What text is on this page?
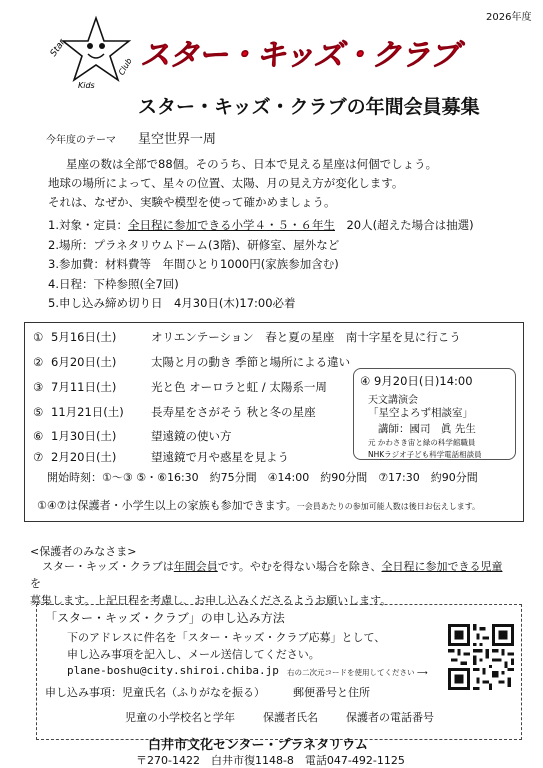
2026年度
Star
Kids
Club スター・キッズ・クラブ
スター・キッズ・クラブの年間会員募集
今年度のテーマ 星空世界一周
星座の数は全部で88個。そのうち、日本で見える星座は何個でしょう。
地球の場所によって、星々の位置、太陽、月の見え方が変化します。
それは、なぜか、実験や模型を使って確かめましょう。
1.対象・定員：全日程に参加できる小学４・５・６年生　20人(超えた場合は抽選)
2.場所：プラネタリウムドーム(3階)、研修室、屋外など
3.参加費：材料費等　年間ひとり1000円(家族参加含む)
4.日程：下枠参照(全7回)
5.申し込み締め切り日　4月30日(木)17:00必着
① 5月16日(土)	オリエンテーション　春と夏の星座　南十字星を見に行こう
② 6月20日(土)	太陽と月の動き 季節と場所による違い
③ 7月11日(土)	光と色 オーロラと虹 / 太陽系一周
⑤ 11月21日(土) 長寿星をさがそう 秋と冬の星座
⑥ 1月30日(土)	望遠鏡の使い方
⑦ 2月20日(土)	望遠鏡で月や惑星を見よう
開始時刻：①～③ ⑤・⑥16:30　約75分間　④14:00　約90分間　⑦17:30　約90分間
①④⑦は保護者・小学生以上の家族も参加できます。一会員あたりの参加可能人数は後日お伝えします。
④ 9月20日(日)14:00
天文講演会
「星空よろず相談室」
講師：國司　眞 先生
元 かわさき宙と緑の科学館職員
NHKラジオ子ども科学電話相談員
<保護者のみなさま>
スター・キッズ・クラブは年間会員です。やむを得ない場合を除き、全日程に参加できる児童を
募集します。上記日程を考慮し、お申し込みくださるようお願いします。
「スター・キッズ・クラブ」の申し込み方法
下のアドレスに件名を「スター・キッズ・クラブ応募」として、
申し込み事項を記入し、メール送信してください。
plane-boshu@city.shiroi.chiba.jp 右の二次元コードを使用してください ⟶
申し込み事項：児童氏名（ふりがなを振る）	郵便番号と住所
児童の小学校名と学年	保護者氏名	保護者の電話番号
白井市文化センター・プラネタリウム
〒270-1422　白井市復1148-8　電話047-492-1125
